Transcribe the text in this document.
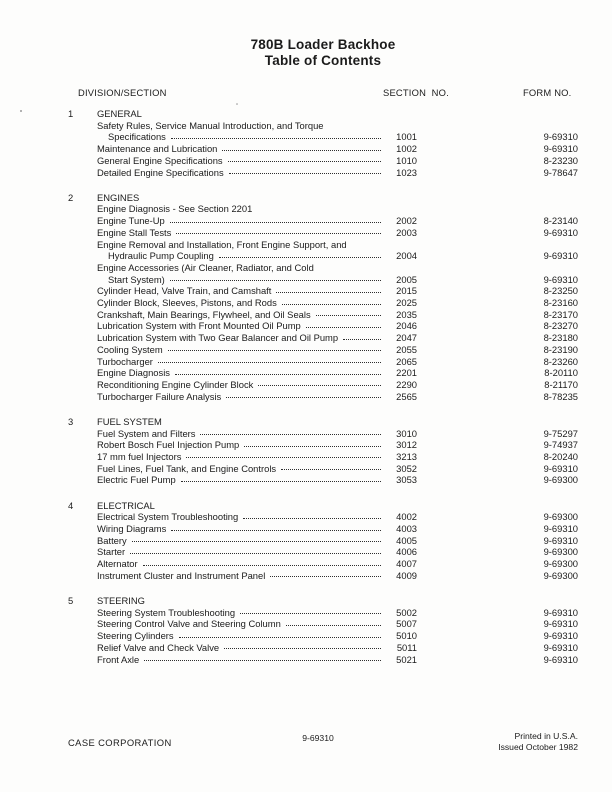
780B Loader Backhoe
Table of Contents
DIVISION/SECTION	SECTION  NO.	FORM NO.
1	GENERAL
Safety Rules, Service Manual Introduction, and Torque
Specifications	1001	9-69310
Maintenance and Lubrication	1002	9-69310
General Engine Specifications	1010	8-23230
Detailed Engine Specifications	1023	9-78647
2	ENGINES
Engine Diagnosis - See Section 2201
Engine Tune-Up	2002	8-23140
Engine Stall Tests	2003	9-69310
Engine Removal and Installation, Front Engine Support, and
Hydraulic Pump Coupling	2004	9-69310
Engine Accessories (Air Cleaner, Radiator, and Cold
Start System)	2005	9-69310
Cylinder Head, Valve Train, and Camshaft	2015	8-23250
Cylinder Block, Sleeves, Pistons, and Rods	2025	8-23160
Crankshaft, Main Bearings, Flywheel, and Oil Seals	2035	8-23170
Lubrication System with Front Mounted Oil Pump	2046	8-23270
Lubrication System with Two Gear Balancer and Oil Pump	2047	8-23180
Cooling System	2055	8-23190
Turbocharger	2065	8-23260
Engine Diagnosis	2201	8-20110
Reconditioning Engine Cylinder Block	2290	8-21170
Turbocharger Failure Analysis	2565	8-78235
3	FUEL SYSTEM
Fuel System and Filters	3010	9-75297
Robert Bosch Fuel Injection Pump	3012	9-74937
17 mm fuel Injectors	3213	8-20240
Fuel Lines, Fuel Tank, and Engine Controls	3052	9-69310
Electric Fuel Pump	3053	9-69300
4	ELECTRICAL
Electrical System Troubleshooting	4002	9-69300
Wiring Diagrams	4003	9-69310
Battery	4005	9-69310
Starter	4006	9-69300
Alternator	4007	9-69300
Instrument Cluster and Instrument Panel	4009	9-69300
5	STEERING
Steering System Troubleshooting	5002	9-69310
Steering Control Valve and Steering Column	5007	9-69310
Steering Cylinders	5010	9-69310
Relief Valve and Check Valve	5011	9-69310
Front Axle	5021	9-69310
CASE CORPORATION	9-69310	Printed in U.S.A.
Issued October 1982
